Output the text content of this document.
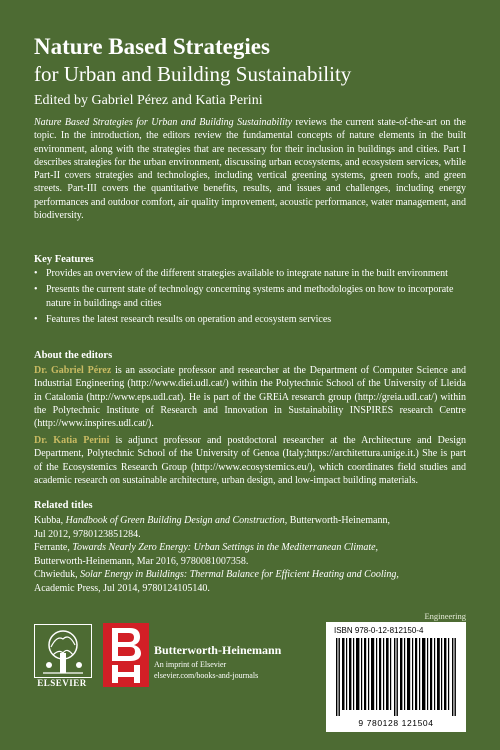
Nature Based Strategies
for Urban and Building Sustainability
Edited by Gabriel Pérez and Katia Perini
Nature Based Strategies for Urban and Building Sustainability reviews the current state-of-the-art on the topic. In the introduction, the editors review the fundamental concepts of nature elements in the built environment, along with the strategies that are necessary for their inclusion in buildings and cities. Part I describes strategies for the urban environment, discussing urban ecosystems, and ecosystem services, while Part-II covers strategies and technologies, including vertical greening systems, green roofs, and green streets. Part-III covers the quantitative benefits, results, and issues and challenges, including energy performances and outdoor comfort, air quality improvement, acoustic performance, water management, and biodiversity.
Key Features
• Provides an overview of the different strategies available to integrate nature in the built environment
• Presents the current state of technology concerning systems and methodologies on how to incorporate nature in buildings and cities
• Features the latest research results on operation and ecosystem services
About the editors
Dr. Gabriel Pérez is an associate professor and researcher at the Department of Computer Science and Industrial Engineering (http://www.diei.udl.cat/) within the Polytechnic School of the University of Lleida in Catalonia (http://www.eps.udl.cat). He is part of the GREiA research group (http://greia.udl.cat/) within the Polytechnic Institute of Research and Innovation in Sustainability INSPIRES research Centre (http://www.inspires.udl.cat/).
Dr. Katia Perini is adjunct professor and postdoctoral researcher at the Architecture and Design Department, Polytechnic School of the University of Genoa (Italy;https://architettura.unige.it.) She is part of the Ecosystemics Research Group (http://www.ecosystemics.eu/), which coordinates field studies and academic research on sustainable architecture, urban design, and low-impact building materials.
Related titles
Kubba, Handbook of Green Building Design and Construction, Butterworth-Heinemann,
Jul 2012, 9780123851284.
Ferrante, Towards Nearly Zero Energy: Urban Settings in the Mediterranean Climate,
Butterworth-Heinemann, Mar 2016, 9780081007358.
Chwieduk, Solar Energy in Buildings: Thermal Balance for Efficient Heating and Cooling,
Academic Press, Jul 2014, 9780124105140.
Engineering
ELSEVIER
Butterworth-Heinemann
An imprint of Elsevier
elsevier.com/books-and-journals
ISBN 978-0-12-812150-4
9 780128 121504
